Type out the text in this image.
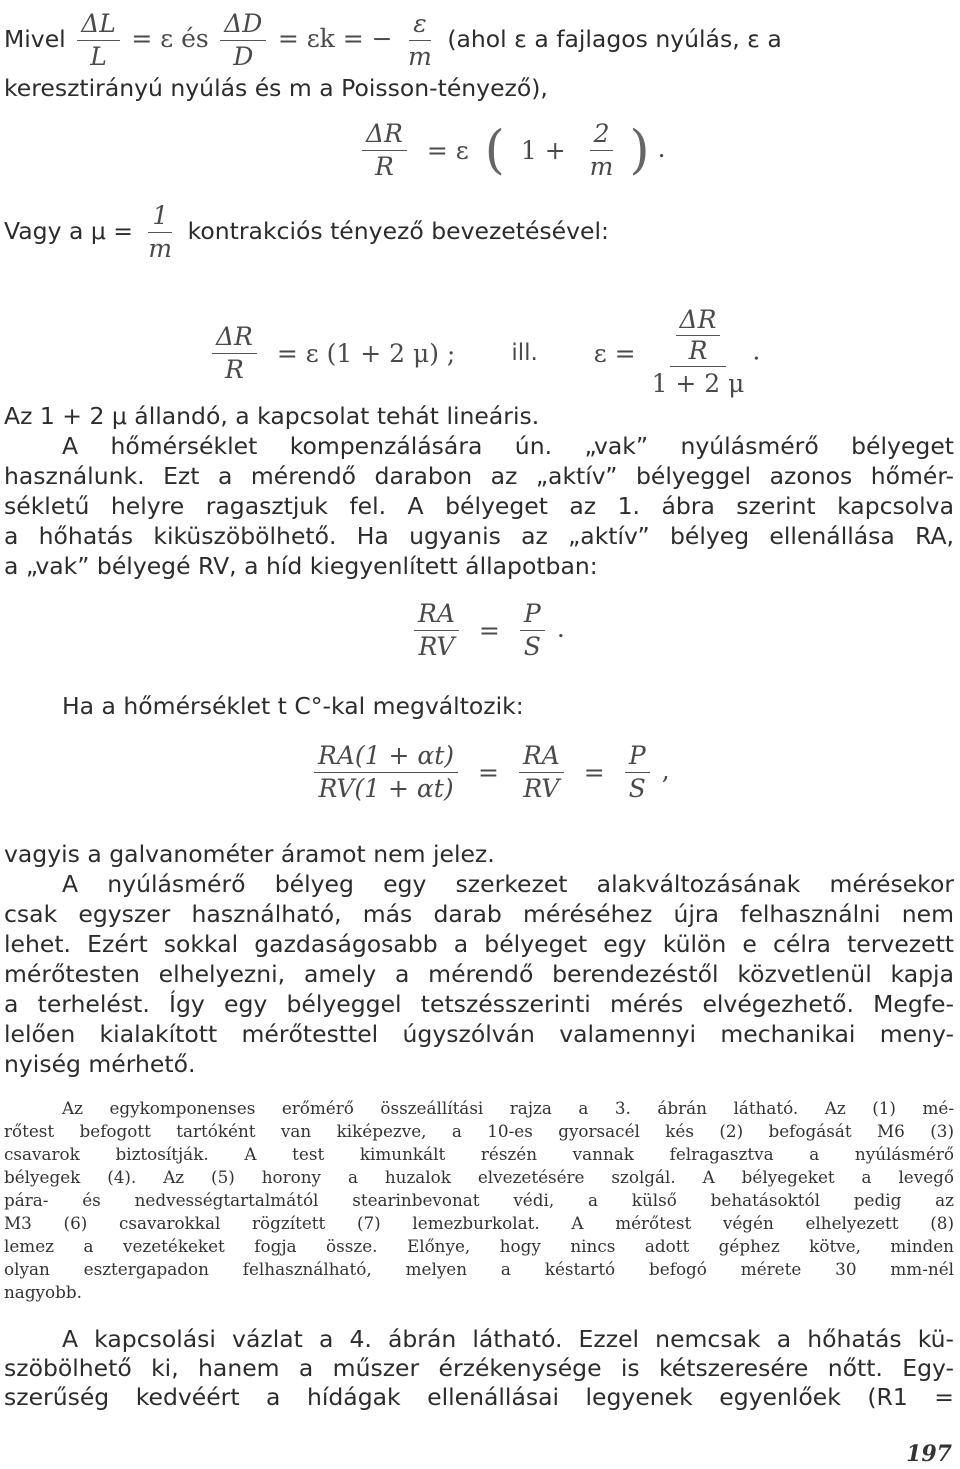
Mivel $\frac{\Delta L}{L} = \varepsilon$ és $\frac{\Delta D}{D} = \varepsilon k$ = − $\frac{\varepsilon}{m}$ (ahol ε a fajlagos nyúlás, ε a
keresztirányú nyúlás és m a Poisson-tényező),
$\frac{\Delta R}{R} = \varepsilon$ ( $1 + \frac{2}{m}$ ) .
Vagy a $\mu = \frac{1}{m}$ kontrakciós tényező bevezetésével:
$\frac{\Delta R}{R} = \varepsilon$ (1 + 2 μ) ; ill. $\varepsilon = \frac{\frac{\Delta R}{R}}{1 + 2 \mu}$ .
Az 1 + 2 μ állandó, a kapcsolat tehát lineáris.
A hőmérséklet kompenzálására ún. „vak” nyúlásmérő bélyeget
használunk. Ezt a mérendő darabon az „aktív” bélyeggel azonos hőmér-
sékletű helyre ragasztjuk fel. A bélyeget az 1. ábra szerint kapcsolva
a hőhatás kiküszöbölhető. Ha ugyanis az „aktív” bélyeg ellenállása RA,
a „vak” bélyegé RV, a híd kiegyenlített állapotban:
$\frac{RA}{RV} = \frac{P}{S}$ .
Ha a hőmérséklet t C°-kal megváltozik:
$\frac{RA(1 + \alpha t)}{RV(1 + \alpha t)} = \frac{RA}{RV} = \frac{P}{S}$ ,
vagyis a galvanométer áramot nem jelez.
A nyúlásmérő bélyeg egy szerkezet alakváltozásának mérésekor
csak egyszer használható, más darab méréséhez újra felhasználni nem
lehet. Ezért sokkal gazdaságosabb a bélyeget egy külön e célra tervezett
mérőtesten elhelyezni, amely a mérendő berendezéstől közvetlenül kapja
a terhelést. Így egy bélyeggel tetszésszerinti mérés elvégezhető. Megfe-
lelően kialakított mérőtesttel úgyszólván valamennyi mechanikai meny-
nyiség mérhető.
Az egykomponenses erőmérő összeállítási rajza a 3. ábrán látható. Az (1) mé-
rőtest befogott tartóként van kiképezve, a 10-es gyorsacél kés (2) befogását M6 (3)
csavarok biztosítják. A test kimunkált részén vannak felragasztva a nyúlásmérő
bélyegek (4). Az (5) horony a huzalok elvezetésére szolgál. A bélyegeket a levegő
pára- és nedvességtartalmától stearinbevonat védi, a külső behatásoktól pedig az
M3 (6) csavarokkal rögzített (7) lemezburkolat. A mérőtest végén elhelyezett (8)
lemez a vezetékeket fogja össze. Előnye, hogy nincs adott géphez kötve, minden
olyan esztergapadon felhasználható, melyen a késtartó befogó mérete 30 mm-nél
nagyobb.
A kapcsolási vázlat a 4. ábrán látható. Ezzel nemcsak a hőhatás kü-
szöbölhető ki, hanem a műszer érzékenysége is kétszeresére nőtt. Egy-
szerűség kedvéért a hídágak ellenállásai legyenek egyenlőek (R1 =
197
